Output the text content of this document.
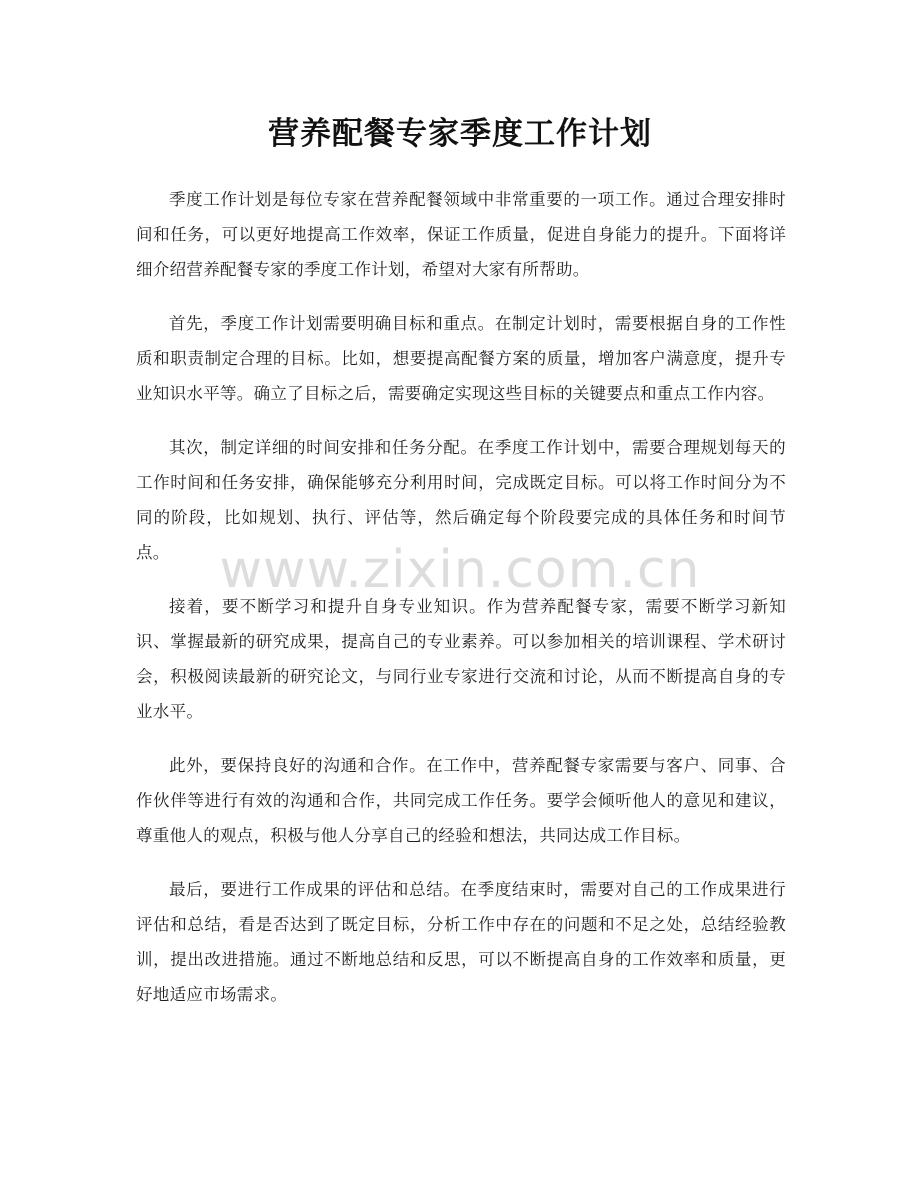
营养配餐专家季度工作计划

季度工作计划是每位专家在营养配餐领域中非常重要的一项工作。通过合理安排时间和任务，可以更好地提高工作效率，保证工作质量，促进自身能力的提升。下面将详细介绍营养配餐专家的季度工作计划，希望对大家有所帮助。

首先，季度工作计划需要明确目标和重点。在制定计划时，需要根据自身的工作性质和职责制定合理的目标。比如，想要提高配餐方案的质量，增加客户满意度，提升专业知识水平等。确立了目标之后，需要确定实现这些目标的关键要点和重点工作内容。

其次，制定详细的时间安排和任务分配。在季度工作计划中，需要合理规划每天的工作时间和任务安排，确保能够充分利用时间，完成既定目标。可以将工作时间分为不同的阶段，比如规划、执行、评估等，然后确定每个阶段要完成的具体任务和时间节点。

接着，要不断学习和提升自身专业知识。作为营养配餐专家，需要不断学习新知识、掌握最新的研究成果，提高自己的专业素养。可以参加相关的培训课程、学术研讨会，积极阅读最新的研究论文，与同行业专家进行交流和讨论，从而不断提高自身的专业水平。

此外，要保持良好的沟通和合作。在工作中，营养配餐专家需要与客户、同事、合作伙伴等进行有效的沟通和合作，共同完成工作任务。要学会倾听他人的意见和建议，尊重他人的观点，积极与他人分享自己的经验和想法，共同达成工作目标。

最后，要进行工作成果的评估和总结。在季度结束时，需要对自己的工作成果进行评估和总结，看是否达到了既定目标，分析工作中存在的问题和不足之处，总结经验教训，提出改进措施。通过不断地总结和反思，可以不断提高自身的工作效率和质量，更好地适应市场需求。

www.zixin.com.cn
